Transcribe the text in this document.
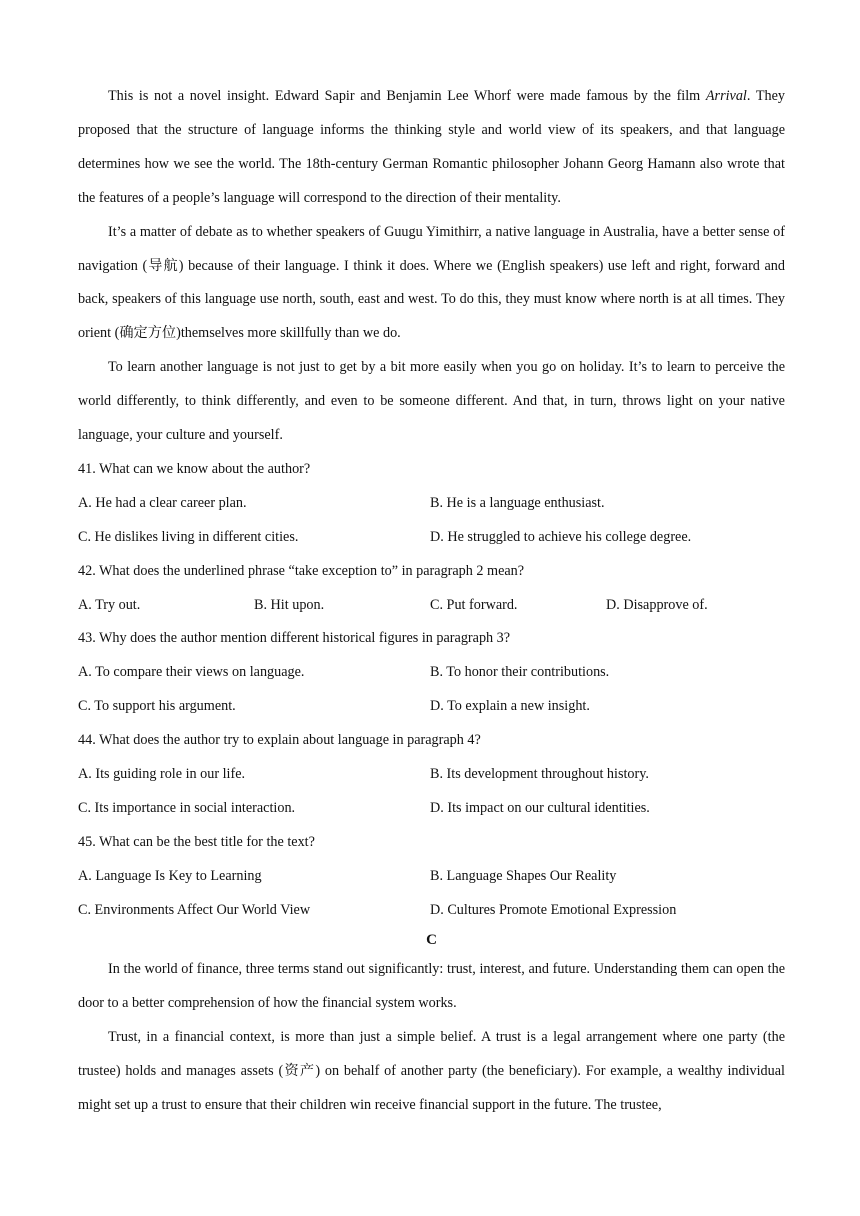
This is not a novel insight. Edward Sapir and Benjamin Lee Whorf were made famous by the film Arrival. They proposed that the structure of language informs the thinking style and world view of its speakers, and that language determines how we see the world. The 18th-century German Romantic philosopher Johann Georg Hamann also wrote that the features of a people’s language will correspond to the direction of their mentality.

It’s a matter of debate as to whether speakers of Guugu Yimithirr, a native language in Australia, have a better sense of navigation (导航) because of their language. I think it does. Where we (English speakers) use left and right, forward and back, speakers of this language use north, south, east and west. To do this, they must know where north is at all times. They orient (确定方位)themselves more skillfully than we do.

To learn another language is not just to get by a bit more easily when you go on holiday. It’s to learn to perceive the world differently, to think differently, and even to be someone different. And that, in turn, throws light on your native language, your culture and yourself.

41. What can we know about the author?
A. He had a clear career plan.	B. He is a language enthusiast.
C. He dislikes living in different cities.	D. He struggled to achieve his college degree.
42. What does the underlined phrase “take exception to” in paragraph 2 mean?
A. Try out.	B. Hit upon.	C. Put forward.	D. Disapprove of.
43. Why does the author mention different historical figures in paragraph 3?
A. To compare their views on language.	B. To honor their contributions.
C. To support his argument.	D. To explain a new insight.
44. What does the author try to explain about language in paragraph 4?
A. Its guiding role in our life.	B. Its development throughout history.
C. Its importance in social interaction.	D. Its impact on our cultural identities.
45. What can be the best title for the text?
A. Language Is Key to Learning	B. Language Shapes Our Reality
C. Environments Affect Our World View	D. Cultures Promote Emotional Expression
C

In the world of finance, three terms stand out significantly: trust, interest, and future. Understanding them can open the door to a better comprehension of how the financial system works.

Trust, in a financial context, is more than just a simple belief. A trust is a legal arrangement where one party (the trustee) holds and manages assets (资产) on behalf of another party (the beneficiary). For example, a wealthy individual might set up a trust to ensure that their children win receive financial support in the future. The trustee,
